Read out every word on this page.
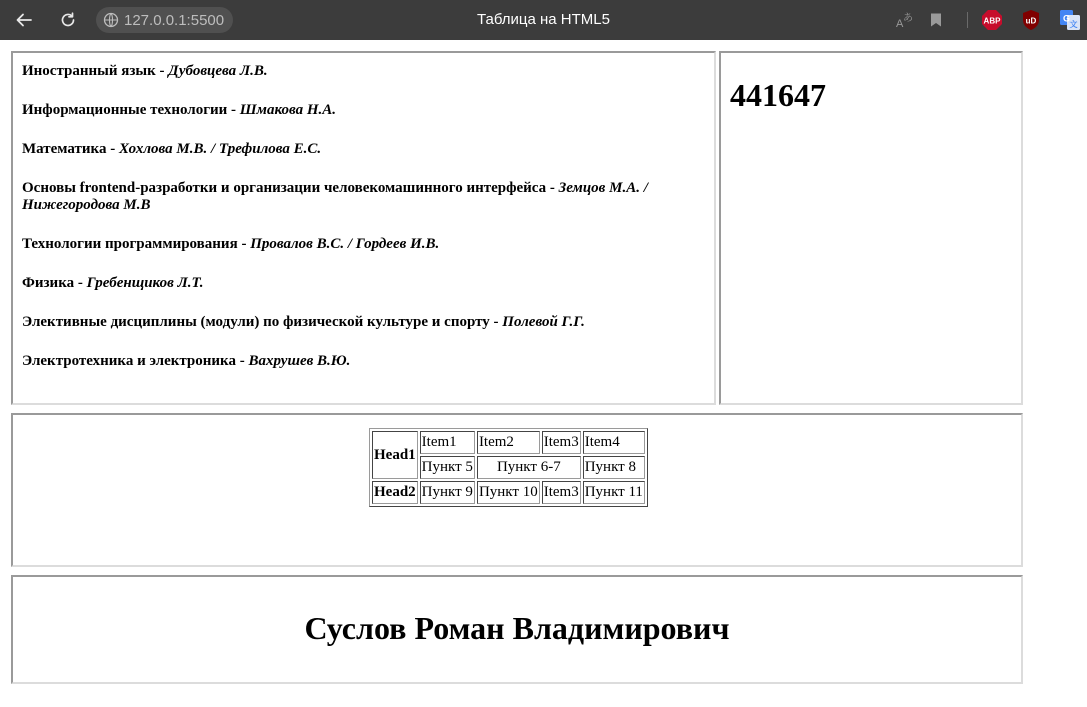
127.0.0.1:5500	Таблица на HTML5	A あ	ABP	uD	G
文

Иностранный язык - Дубовцева Л.В.

Информационные технологии - Шмакова Н.А.

Математика - Хохлова М.В. / Трефилова Е.С.

Основы frontend-разработки и организации человекомашинного интерфейса - Земцов М.А. / Нижегородова М.В

Технологии программирования - Провалов В.С. / Гордеев И.В.

Физика - Гребенщиков Л.Т.

Элективные дисциплины (модули) по физической культуре и спорту - Полевой Г.Г.

Электротехника и электроника - Вахрушев В.Ю.

441647
Head1	Item1	Item2	Item3	Item4
	Пункт 5	Пункт 6-7		Пункт 8
Head2	Пункт 9	Пункт 10	Item3	Пункт 11
Суслов Роман Владимирович
